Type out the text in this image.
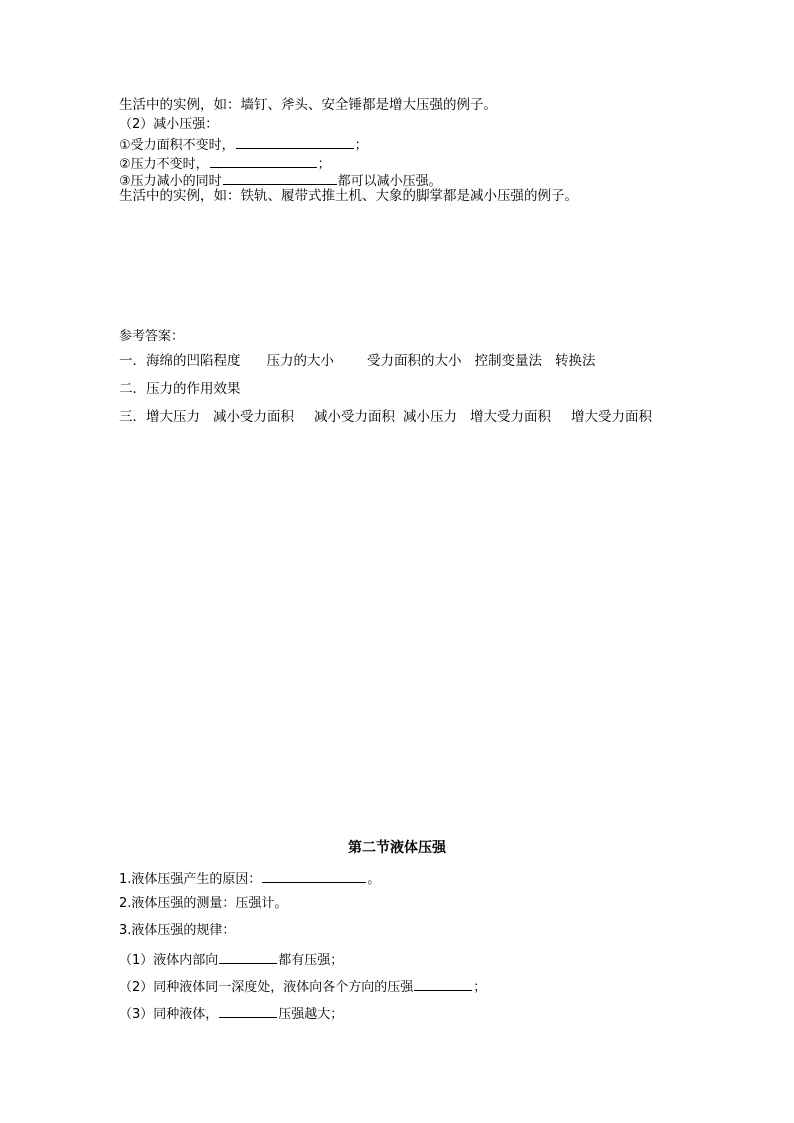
生活中的实例，如：墙钉、斧头、安全锤都是增大压强的例子。
（2）减小压强：
①受力面积不变时，	；
②压力不变时，	；
③压力减小的同时	都可以减小压强。
生活中的实例，如：铁轨、履带式推土机、大象的脚掌都是减小压强的例子。
参考答案：
一．海绵的凹陷程度 压力的大小 受力面积的大小 控制变量法 转换法
二．压力的作用效果
三．增大压力 减小受力面积 减小受力面积 减小压力 增大受力面积 增大受力面积
第二节液体压强
1.液体压强产生的原因：	。
2.液体压强的测量：压强计。
3.液体压强的规律：
（1）液体内部向	都有压强；
（2）同种液体同一深度处，液体向各个方向的压强	；
（3）同种液体，	压强越大；
